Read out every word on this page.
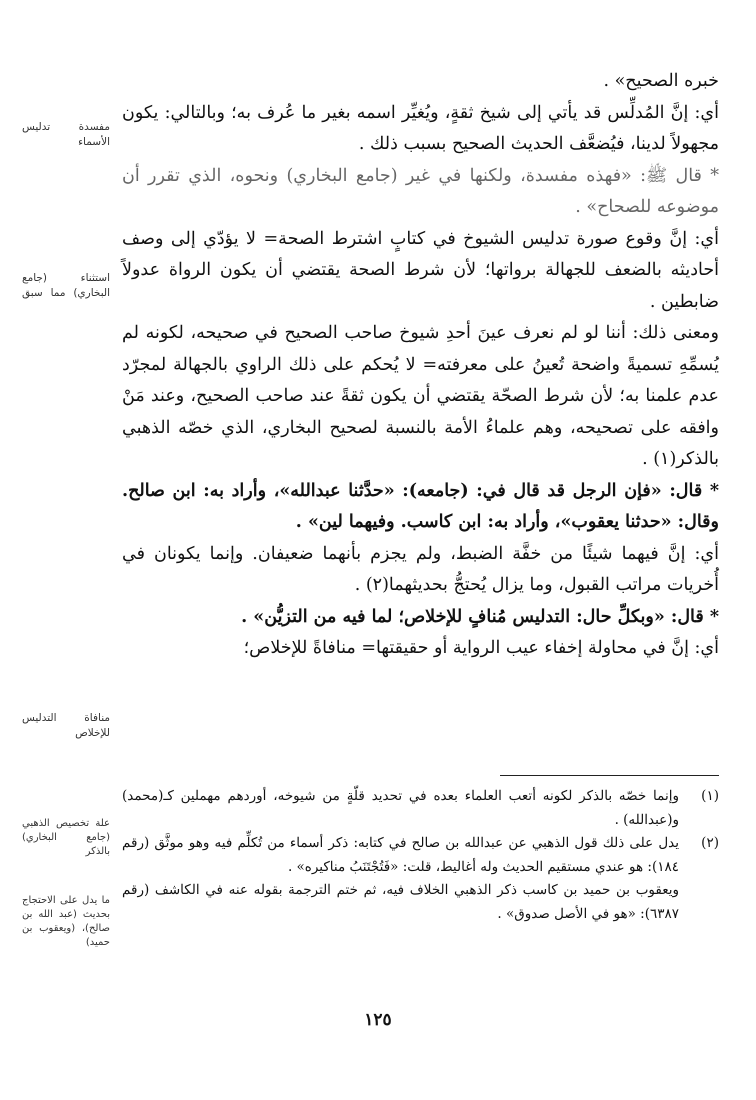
مفسدة تدليس الأسماء
استثناء (جامع البخاري) مما سبق
منافاة التدليس للإخلاص
علة تخصيص الذهبي (جامع البخاري) بالذكر
ما يدل على الاحتجاج بحديث (عبد الله بن صالح)، (ويعقوب بن حميد)

خبره الصحيح» .

أي: إنَّ المُدلِّس قد يأتي إلى شيخ ثقةٍ، ويُغيِّر اسمه بغير ما عُرف به؛ وبالتالي: يكون مجهولاً لدينا، فيُضعَّف الحديث الصحيح بسبب ذلك .

* قال ﷺ: «فهذه مفسدة، ولكنها في غير (جامع البخاري) ونحوه، الذي تقرر أن موضوعه للصحاح» .

أي: إنَّ وقوع صورة تدليس الشيوخ في كتابٍ اشترط الصحة= لا يؤدّي إلى وصف أحاديثه بالضعف للجهالة برواتها؛ لأن شرط الصحة يقتضي أن يكون الرواة عدولاً ضابطين .

ومعنى ذلك: أننا لو لم نعرف عينَ أحدِ شيوخ صاحب الصحيح في صحيحه، لكونه لم يُسمِّهِ تسميةً واضحة تُعينُ على معرفته= لا يُحكم على ذلك الراوي بالجهالة لمجرّد عدم علمنا به؛ لأن شرط الصحّة يقتضي أن يكون ثقةً عند صاحب الصحيح، وعند مَنْ وافقه على تصحيحه، وهم علماءُ الأمة بالنسبة لصحيح البخاري، الذي خصّه الذهبي بالذكر(١) .

* قال: «فإن الرجل قد قال في: (جامعه): «حدَّثنا عبدالله»، وأراد به: ابن صالح. وقال: «حدثنا يعقوب»، وأراد به: ابن كاسب. وفيهما لين» .

أي: إنَّ فيهما شيئًا من خفَّة الضبط، ولم يجزم بأنهما ضعيفان. وإنما يكونان في أُخريات مراتب القبول، وما يزال يُحتجُّ بحديثهما(٢) .

* قال: «وبكلِّ حال: التدليس مُنافٍ للإخلاص؛ لما فيه من التزيُّن» .

أي: إنَّ في محاولة إخفاء عيب الرواية أو حقيقتها= منافاةً للإخلاص؛

(١)
وإنما خصّه بالذكر لكونه أتعب العلماء بعده في تحديد قلّةٍ من شيوخه، أوردهم مهملين كـ(محمد) و(عبدالله) .
(٢)
يدل على ذلك قول الذهبي عن عبدالله بن صالح في كتابه: ذكر أسماء من تُكلِّم فيه وهو موثَّق (رقم ١٨٤): هو عندي مستقيم الحديث وله أغاليط، قلت: «فَتُجْتَنَبُ مناكيره» .

ويعقوب بن حميد بن كاسب ذكر الذهبي الخلاف فيه، ثم ختم الترجمة بقوله عنه في الكاشف (رقم ٦٣٨٧): «هو في الأصل صدوق» .

١٢٥
